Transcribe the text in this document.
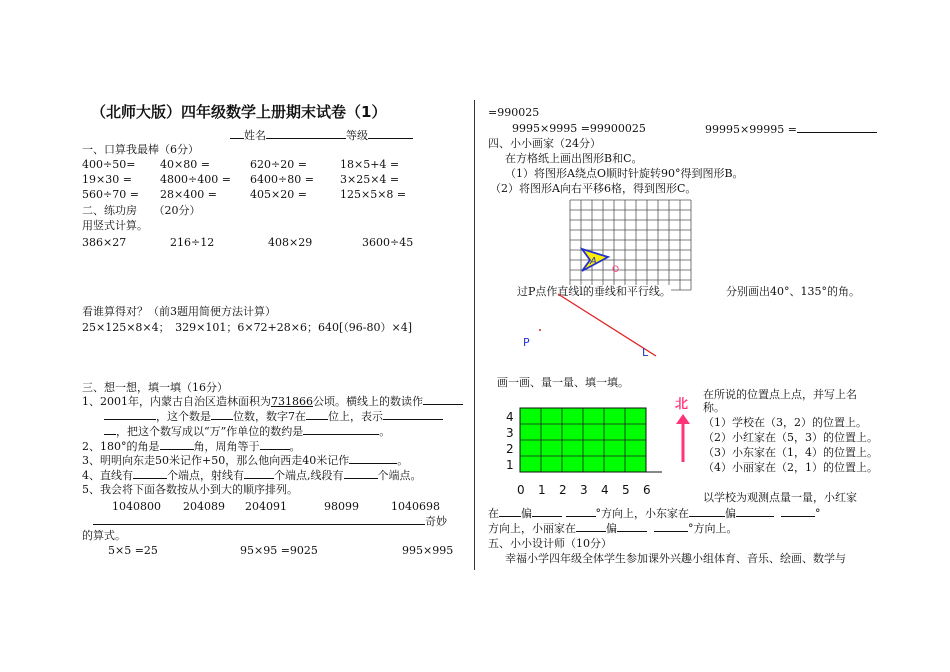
（北师大版）四年级数学上册期末试卷（1）
姓名	等级
一、口算我最棒（6分）
400÷50= 40×80 =	620÷20 =	18×5+4 =
19×30 =	4800÷400 = 6400÷80 = 3×25×4 =
560÷70 = 28×400 =	405×20 =	125×5×8 =
二、练功房　　（20分）
用竖式计算。
386×27	216÷12	408×29	3600÷45
看谁算得对？（前3题用简便方法计算）
25×125×8×4；　329×101；6×72+28×6；640[（96-80）×4]
三、想一想，填一填（16分）
1、2001年，内蒙古自治区造林面积为731866公顷。横线上的数读作
，这个数是 位数，数字7在 位上，表示
，把这个数写成以“万”作单位的数约是	。
2、180°的角是	角，周角等于	。
3、明明向东走50米记作+50，那么他向西走40米记作	。
4、直线有	个端点，射线有	个端点,线段有	个端点。
5、我会将下面各数按从小到大的顺序排列。
1040800 204089 204091	98099	1040698
奇妙
的算式。
5×5 =25	95×95 =9025	995×995
=990025
9995×9995 =99900025	99995×99995 =
四、小小画家（24分）
在方格纸上画出图形B和C。
（1）将图形A绕点O顺时针旋转90°得到图形B。
（2）将图形A向右平移6格，得到图形C。
A
O
过P点作直线l的垂线和平行线。	分别画出40°、135°的角。
P
L
画一画、量一量、填一填。
4
3
2
1
0 1 2 3 4 5 6
北
在所说的位置点上点，并写上名称。
（1）学校在（3，2）的位置上。
（2）小红家在（5，3）的位置上。
（3）小东家在（1，4）的位置上。
（4）小丽家在（2，1）的位置上。
以学校为观测点量一量，小红家
在 偏	°方向上，小东家在	偏	°
方向上，小丽家在	偏	°方向上。
五、小小设计师（10分）
幸福小学四年级全体学生参加课外兴趣小组体育、音乐、绘画、数学与
